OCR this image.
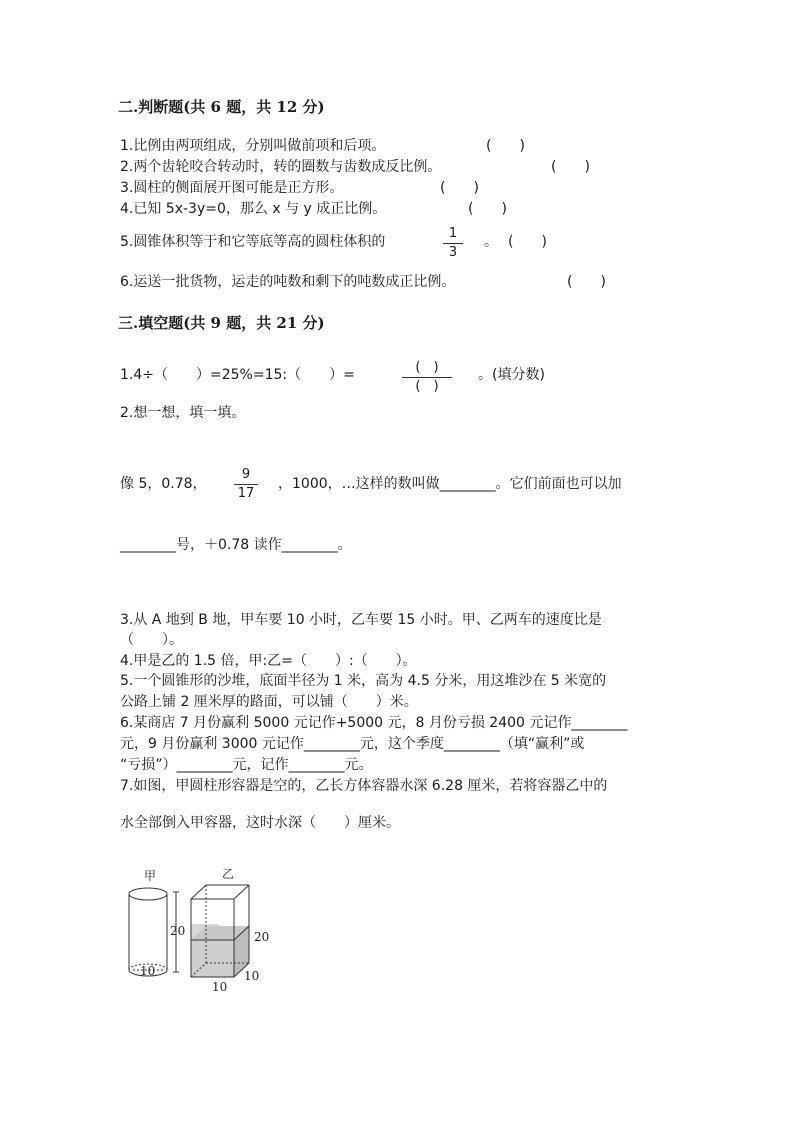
二.判断题(共 6 题，共 12 分)
1.比例由两项组成，分别叫做前项和后项。	(　　)
2.两个齿轮咬合转动时，转的圈数与齿数成反比例。	(　　)
3.圆柱的侧面展开图可能是正方形。	(　　)
4.已知 5x-3y=0，那么 x 与 y 成正比例。	(　　)
5.圆锥体积等于和它等底等高的圆柱体积的
1
3
。 (　　)
6.运送一批货物，运走的吨数和剩下的吨数成正比例。	(　　)
三.填空题(共 9 题，共 21 分)
1.4÷（　　）=25%=15:（　　）=	(　)
(　)
。(填分数)
2.想一想，填一填。
像 5，0.78，
9
17
，1000，…这样的数叫做________。它们前面也可以加
________号，＋0.78 读作________。
3.从 A 地到 B 地，甲车要 10 小时，乙车要 15 小时。甲、乙两车的速度比是
（　　）。
4.甲是乙的 1.5 倍，甲:乙=（　　）:（　　）。
5.一个圆锥形的沙堆，底面半径为 1 米，高为 4.5 分米，用这堆沙在 5 米宽的
公路上铺 2 厘米厚的路面，可以铺（　　）米。
6.某商店 7 月份赢利 5000 元记作+5000 元，8 月份亏损 2400 元记作________
元，9 月份赢利 3000 元记作________元，这个季度________（填“赢利”或
“亏损”）________元，记作________元。
7.如图，甲圆柱形容器是空的，乙长方体容器水深 6.28 厘米，若将容器乙中的
水全部倒入甲容器，这时水深（　　）厘米。
甲
20
10
乙
20
10
10
